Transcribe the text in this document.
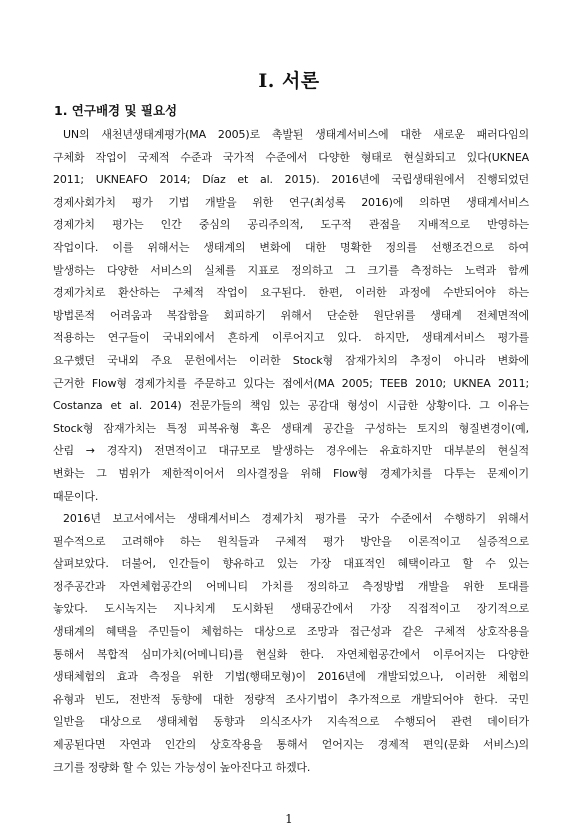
I. 서론
1. 연구배경 및 필요성

UN의 새천년생태계평가(MA 2005)로 촉발된 생태계서비스에 대한 새로운 패러다임의
구체화 작업이 국제적 수준과 국가적 수준에서 다양한 형태로 현실화되고 있다(UKNEA
2011; UKNEAFO 2014; Díaz et al. 2015). 2016년에 국립생태원에서 진행되었던
경제사회가치 평가 기법 개발을 위한 연구(최성록 2016)에 의하면 생태계서비스
경제가치 평가는 인간 중심의 공리주의적, 도구적 관점을 지배적으로 반영하는
작업이다. 이를 위해서는 생태계의 변화에 대한 명확한 정의를 선행조건으로 하여
발생하는 다양한 서비스의 실체를 지표로 정의하고 그 크기를 측정하는 노력과 함께
경제가치로 환산하는 구체적 작업이 요구된다. 한편, 이러한 과정에 수반되어야 하는
방법론적 어려움과 복잡함을 회피하기 위해서 단순한 원단위를 생태계 전체면적에
적용하는 연구들이 국내외에서 흔하게 이루어지고 있다. 하지만, 생태계서비스 평가를
요구했던 국내외 주요 문헌에서는 이러한 Stock형 잠재가치의 추정이 아니라 변화에
근거한 Flow형 경제가치를 주문하고 있다는 점에서(MA 2005; TEEB 2010; UKNEA 2011;
Costanza et al. 2014) 전문가들의 책임 있는 공감대 형성이 시급한 상황이다. 그 이유는
Stock형 잠재가치는 특정 피복유형 혹은 생태계 공간을 구성하는 토지의 형질변경이(예,
산림 → 경작지) 전면적이고 대규모로 발생하는 경우에는 유효하지만 대부분의 현실적
변화는 그 범위가 제한적이어서 의사결정을 위해 Flow형 경제가치를 다투는 문제이기
때문이다.

2016년 보고서에서는 생태계서비스 경제가치 평가를 국가 수준에서 수행하기 위해서
필수적으로 고려해야 하는 원칙들과 구체적 평가 방안을 이론적이고 실증적으로
살펴보았다. 더불어, 인간들이 향유하고 있는 가장 대표적인 혜택이라고 할 수 있는
정주공간과 자연체험공간의 어메니티 가치를 정의하고 측정방법 개발을 위한 토대를
놓았다. 도시녹지는 지나치게 도시화된 생태공간에서 가장 직접적이고 장기적으로
생태계의 혜택을 주민들이 체험하는 대상으로 조망과 접근성과 같은 구체적 상호작용을
통해서 복합적 심미가치(어메니티)를 현실화 한다. 자연체험공간에서 이루어지는 다양한
생태체험의 효과 측정을 위한 기법(행태모형)이 2016년에 개발되었으나, 이러한 체험의
유형과 빈도, 전반적 동향에 대한 정량적 조사기법이 추가적으로 개발되어야 한다. 국민
일반을 대상으로 생태체험 동향과 의식조사가 지속적으로 수행되어 관련 데이터가
제공된다면 자연과 인간의 상호작용을 통해서 얻어지는 경제적 편익(문화 서비스)의
크기를 정량화 할 수 있는 가능성이 높아진다고 하겠다.

1
